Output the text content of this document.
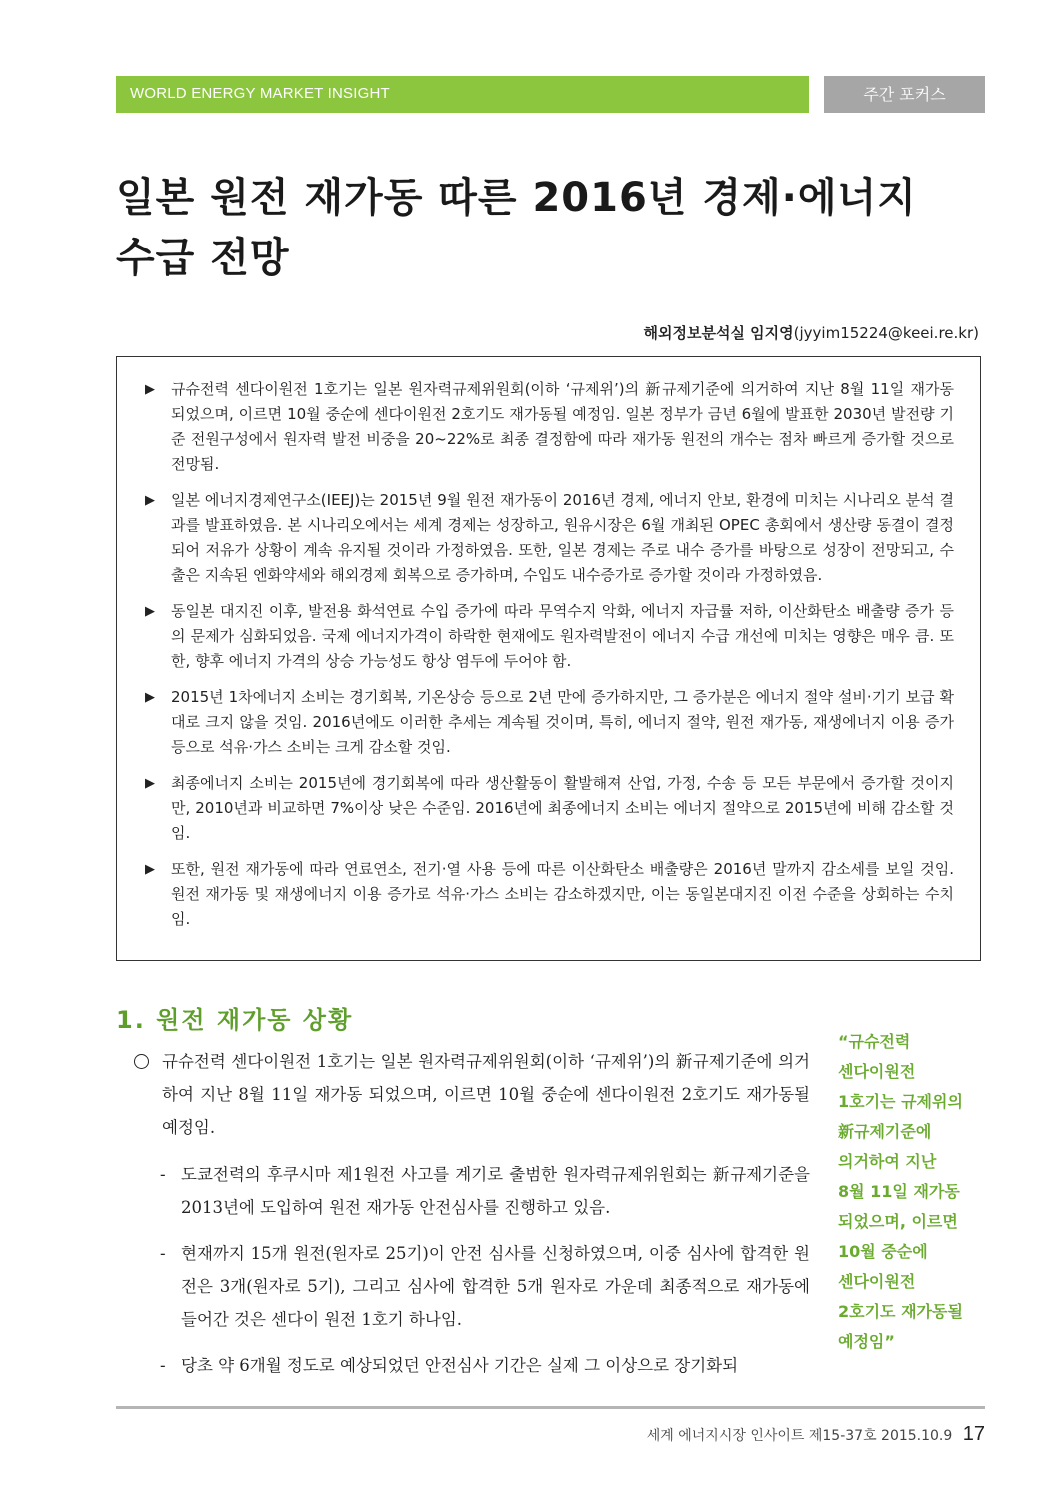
WORLD ENERGY MARKET INSIGHT	주간 포커스
일본 원전 재가동 따른 2016년 경제·에너지
수급 전망
해외정보분석실 임지영(jyyim15224@keei.re.kr)
▶ 규슈전력 센다이원전 1호기는 일본 원자력규제위원회(이하 ‘규제위’)의 新규제기준에 의거하여 지난 8월 11일 재가동 되었으며, 이르면 10월 중순에 센다이원전 2호기도 재가동될 예정임. 일본 정부가 금년 6월에 발표한 2030년 발전량 기준 전원구성에서 원자력 발전 비중을 20~22%로 최종 결정함에 따라 재가동 원전의 개수는 점차 빠르게 증가할 것으로 전망됨.
▶ 일본 에너지경제연구소(IEEJ)는 2015년 9월 원전 재가동이 2016년 경제, 에너지 안보, 환경에 미치는 시나리오 분석 결과를 발표하였음. 본 시나리오에서는 세계 경제는 성장하고, 원유시장은 6월 개최된 OPEC 총회에서 생산량 동결이 결정되어 저유가 상황이 계속 유지될 것이라 가정하였음. 또한, 일본 경제는 주로 내수 증가를 바탕으로 성장이 전망되고, 수출은 지속된 엔화약세와 해외경제 회복으로 증가하며, 수입도 내수증가로 증가할 것이라 가정하였음.
▶ 동일본 대지진 이후, 발전용 화석연료 수입 증가에 따라 무역수지 악화, 에너지 자급률 저하, 이산화탄소 배출량 증가 등의 문제가 심화되었음. 국제 에너지가격이 하락한 현재에도 원자력발전이 에너지 수급 개선에 미치는 영향은 매우 큼. 또한, 향후 에너지 가격의 상승 가능성도 항상 염두에 두어야 함.
▶ 2015년 1차에너지 소비는 경기회복, 기온상승 등으로 2년 만에 증가하지만, 그 증가분은 에너지 절약 설비·기기 보급 확대로 크지 않을 것임. 2016년에도 이러한 추세는 계속될 것이며, 특히, 에너지 절약, 원전 재가동, 재생에너지 이용 증가 등으로 석유·가스 소비는 크게 감소할 것임.
▶ 최종에너지 소비는 2015년에 경기회복에 따라 생산활동이 활발해져 산업, 가정, 수송 등 모든 부문에서 증가할 것이지만, 2010년과 비교하면 7%이상 낮은 수준임. 2016년에 최종에너지 소비는 에너지 절약으로 2015년에 비해 감소할 것임.
▶ 또한, 원전 재가동에 따라 연료연소, 전기·열 사용 등에 따른 이산화탄소 배출량은 2016년 말까지 감소세를 보일 것임. 원전 재가동 및 재생에너지 이용 증가로 석유·가스 소비는 감소하겠지만, 이는 동일본대지진 이전 수준을 상회하는 수치임.
1. 원전 재가동 상황

규슈전력 센다이원전 1호기는 일본 원자력규제위원회(이하 ‘규제위’)의 新규제기준에 의거하여 지난 8월 11일 재가동 되었으며, 이르면 10월 중순에 센다이원전 2호기도 재가동될 예정임.

- 도쿄전력의 후쿠시마 제1원전 사고를 계기로 출범한 원자력규제위원회는 新규제기준을 2013년에 도입하여 원전 재가동 안전심사를 진행하고 있음.

- 현재까지 15개 원전(원자로 25기)이 안전 심사를 신청하였으며, 이중 심사에 합격한 원전은 3개(원자로 5기), 그리고 심사에 합격한 5개 원자로 가운데 최종적으로 재가동에 들어간 것은 센다이 원전 1호기 하나임.

- 당초 약 6개월 정도로 예상되었던 안전심사 기간은 실제 그 이상으로 장기화되

“규슈전력
센다이원전
1호기는 규제위의
新규제기준에
의거하여 지난
8월 11일 재가동
되었으며, 이르면
10월 중순에
센다이원전
2호기도 재가동될
예정임”
세계 에너지시장 인사이트 제15-37호 2015.10.9 17
